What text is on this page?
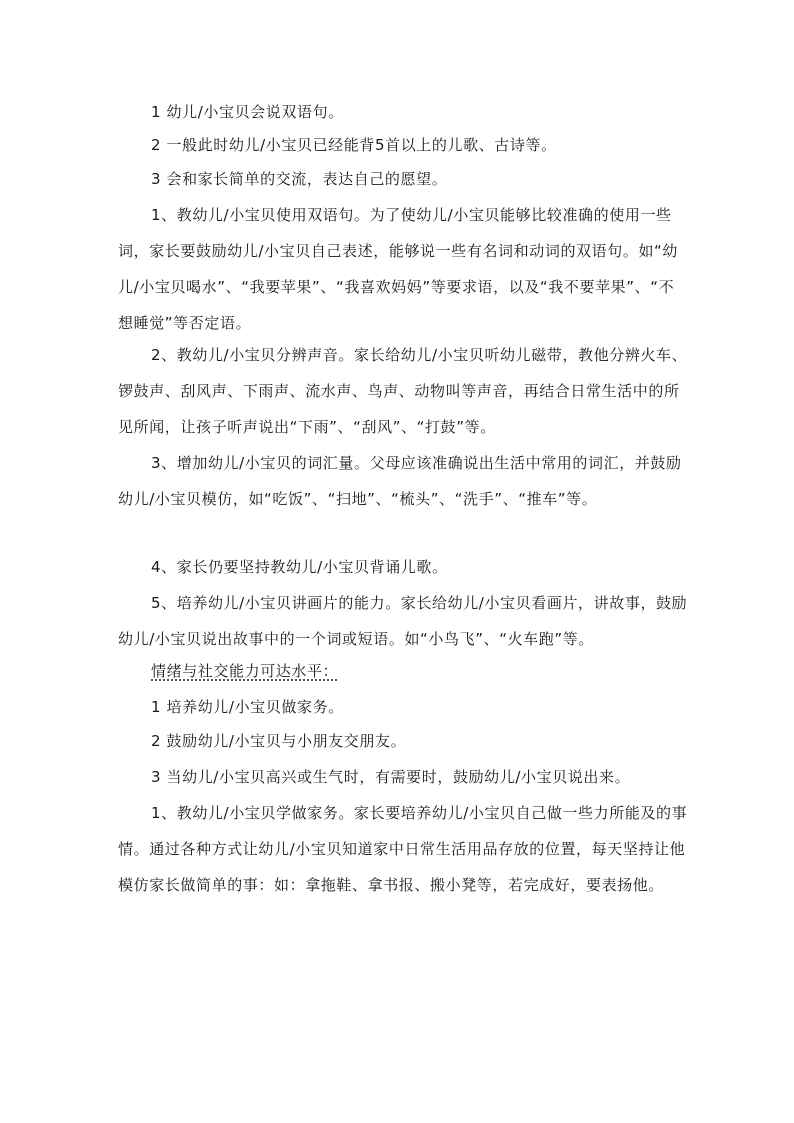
1 幼儿/小宝贝会说双语句。

2 一般此时幼儿/小宝贝已经能背5首以上的儿歌、古诗等。

3 会和家长简单的交流，表达自己的愿望。

1、教幼儿/小宝贝使用双语句。为了使幼儿/小宝贝能够比较准确的使用一些词，家长要鼓励幼儿/小宝贝自己表述，能够说一些有名词和动词的双语句。如“幼儿/小宝贝喝水”、“我要苹果”、“我喜欢妈妈”等要求语，以及“我不要苹果”、“不想睡觉”等否定语。

2、教幼儿/小宝贝分辨声音。家长给幼儿/小宝贝听幼儿磁带，教他分辨火车、锣鼓声、刮风声、下雨声、流水声、鸟声、动物叫等声音，再结合日常生活中的所见所闻，让孩子听声说出“下雨”、“刮风”、“打鼓”等。

3、增加幼儿/小宝贝的词汇量。父母应该准确说出生活中常用的词汇，并鼓励幼儿/小宝贝模仿，如“吃饭”、“扫地”、“梳头”、“洗手”、“推车”等。

4、家长仍要坚持教幼儿/小宝贝背诵儿歌。

5、培养幼儿/小宝贝讲画片的能力。家长给幼儿/小宝贝看画片，讲故事，鼓励幼儿/小宝贝说出故事中的一个词或短语。如“小鸟飞”、“火车跑”等。

情绪与社交能力可达水平：

1 培养幼儿/小宝贝做家务。

2 鼓励幼儿/小宝贝与小朋友交朋友。

3 当幼儿/小宝贝高兴或生气时，有需要时，鼓励幼儿/小宝贝说出来。

1、教幼儿/小宝贝学做家务。家长要培养幼儿/小宝贝自己做一些力所能及的事情。通过各种方式让幼儿/小宝贝知道家中日常生活用品存放的位置，每天坚持让他模仿家长做简单的事：如：拿拖鞋、拿书报、搬小凳等，若完成好，要表扬他。
